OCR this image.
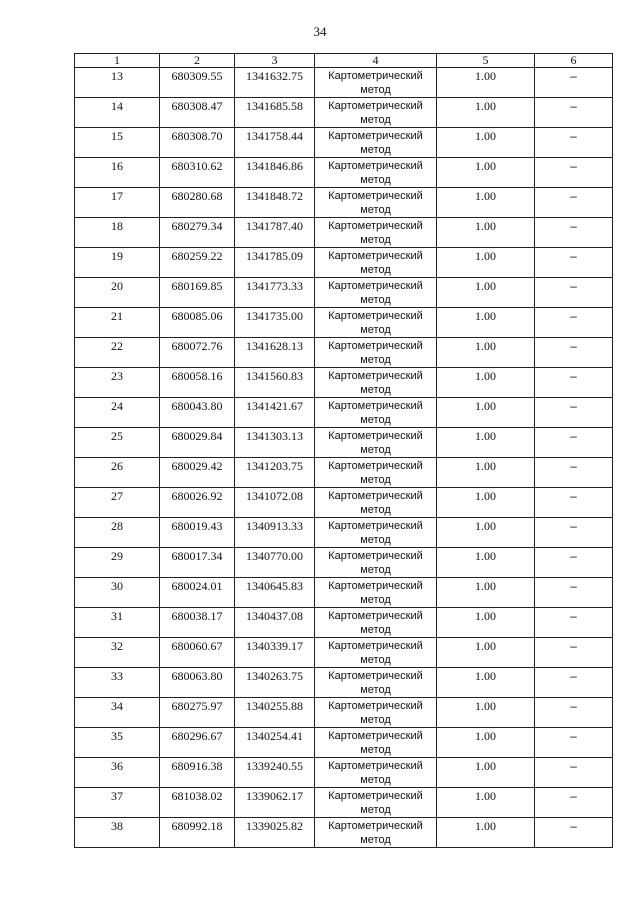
34
1	2	3	4	5	6
13	680309.55	1341632.75	Картометрический
метод	1.00	–
14	680308.47	1341685.58	Картометрический
метод	1.00	–
15	680308.70	1341758.44	Картометрический
метод	1.00	–
16	680310.62	1341846.86	Картометрический
метод	1.00	–
17	680280.68	1341848.72	Картометрический
метод	1.00	–
18	680279.34	1341787.40	Картометрический
метод	1.00	–
19	680259.22	1341785.09	Картометрический
метод	1.00	–
20	680169.85	1341773.33	Картометрический
метод	1.00	–
21	680085.06	1341735.00	Картометрический
метод	1.00	–
22	680072.76	1341628.13	Картометрический
метод	1.00	–
23	680058.16	1341560.83	Картометрический
метод	1.00	–
24	680043.80	1341421.67	Картометрический
метод	1.00	–
25	680029.84	1341303.13	Картометрический
метод	1.00	–
26	680029.42	1341203.75	Картометрический
метод	1.00	–
27	680026.92	1341072.08	Картометрический
метод	1.00	–
28	680019.43	1340913.33	Картометрический
метод	1.00	–
29	680017.34	1340770.00	Картометрический
метод	1.00	–
30	680024.01	1340645.83	Картометрический
метод	1.00	–
31	680038.17	1340437.08	Картометрический
метод	1.00	–
32	680060.67	1340339.17	Картометрический
метод	1.00	–
33	680063.80	1340263.75	Картометрический
метод	1.00	–
34	680275.97	1340255.88	Картометрический
метод	1.00	–
35	680296.67	1340254.41	Картометрический
метод	1.00	–
36	680916.38	1339240.55	Картометрический
метод	1.00	–
37	681038.02	1339062.17	Картометрический
метод	1.00	–
38	680992.18	1339025.82	Картометрический
метод	1.00	–
